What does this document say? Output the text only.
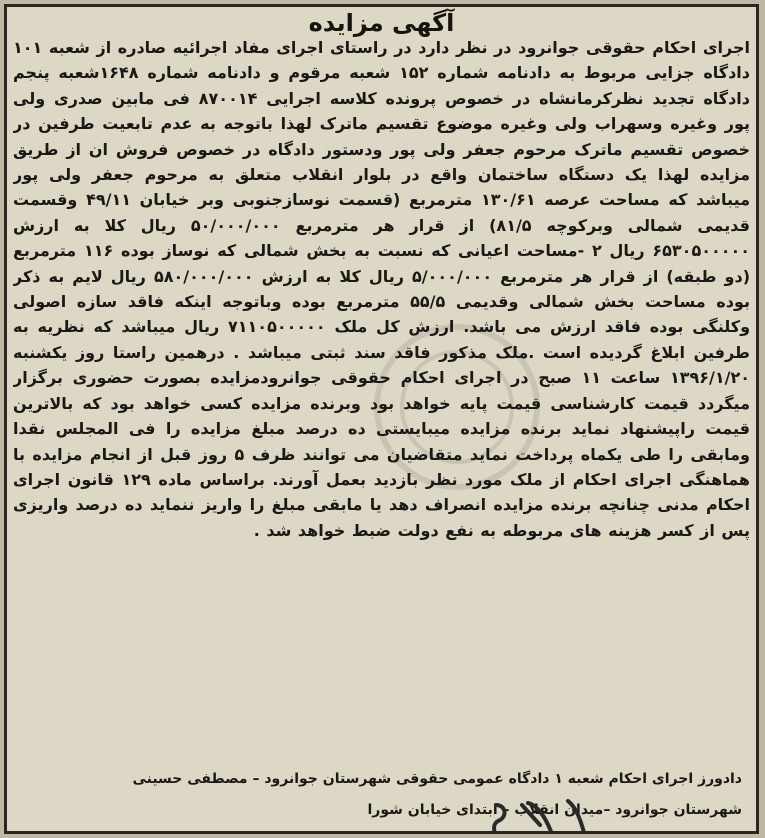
آگهی مزایده
اجرای احکام حقوقی جوانرود در نظر دارد در راستای اجرای مفاد اجرائیه صادره از شعبه ۱۰۱ دادگاه جزایی مربوط به دادنامه شماره ۱۵۲ شعبه مرقوم و دادنامه شماره ۱۶۴۸شعبه پنجم دادگاه تجدید نظرکرمانشاه در خصوص پرونده کلاسه اجرایی ۸۷۰۰۱۴ فی مابین صدری ولی پور وغیره وسهراب ولی وغیره موضوع تقسیم ماترک لهذا باتوجه به عدم تابعیت طرفین در خصوص تقسیم ماترک مرحوم جعفر ولی پور ودستور دادگاه در خصوص فروش ان از طریق مزایده لهذا یک دستگاه ساختمان واقع در بلوار انقلاب متعلق به مرحوم جعفر ولی پور میباشد که مساحت عرصه ۱۳۰/۶۱ مترمربع (قسمت نوسازجنوبی وبر خیابان ۴۹/۱۱ وقسمت قدیمی شمالی وبرکوچه ۸۱/۵) از قرار هر مترمربع ۵۰/۰۰۰/۰۰۰ ریال کلا به ارزش ۶۵۳۰۵۰۰۰۰۰ ریال ۲ -مساحت اعیانی که نسبت به بخش شمالی که نوساز بوده ۱۱۶ مترمربع (دو طبقه) از قرار هر مترمربع ۵/۰۰۰/۰۰۰ ریال کلا به ارزش ۵۸۰/۰۰۰/۰۰۰ ریال لایم به ذکر بوده مساحت بخش شمالی وقدیمی ۵۵/۵ مترمربع بوده وباتوجه اینکه فاقد سازه اصولی وکلنگی بوده فاقد ارزش می باشد. ارزش کل ملک ۷۱۱۰۵۰۰۰۰۰ ریال میباشد که نظریه به طرفین ابلاغ گردیده است .ملک مذکور فاقد سند ثبتی میباشد . درهمین راستا روز یکشنبه ۱۳۹۶/۱/۲۰ ساعت ۱۱ صبح در اجرای احکام حقوقی جوانرودمزایده بصورت حضوری برگزار میگردد قیمت کارشناسی قیمت پایه خواهد بود وبرنده مزایده کسی خواهد بود که بالاترین قیمت راپیشنهاد نماید برنده مزایده میبایستی ده درصد مبلغ مزایده را فی المجلس نقدا ومابقی را طی یکماه پرداخت نماید متقاضیان می توانند ظرف ۵ روز قبل از انجام مزایده با هماهنگی اجرای احکام از ملک مورد نظر بازدید بعمل آورند. براساس ماده ۱۲۹ قانون اجرای احکام مدنی چنانچه برنده مزایده انصراف دهد یا مابقی مبلغ را واریز ننماید ده درصد واریزی پس از کسر هزینه های مربوطه به نفع دولت ضبط خواهد شد .
دادورز اجرای احکام شعبه ۱ دادگاه عمومی حقوقی شهرستان جوانرود – مصطفی حسینی
شهرستان جوانرود –میدان انقلاب – ابتدای خیابان شورا
